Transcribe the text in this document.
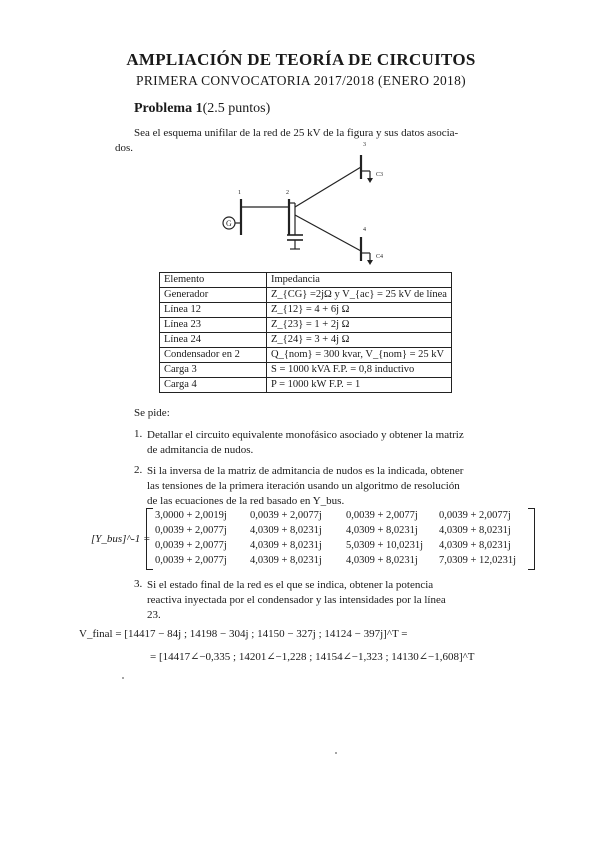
AMPLIACIÓN DE TEORÍA DE CIRCUITOS
PRIMERA CONVOCATORIA 2017/2018 (ENERO 2018)
Problema 1(2.5 puntos)
Sea el esquema unifilar de la red de 25 kV de la figura y sus datos asocia-
dos.
1	2
3
4
G
C3
C4
Elemento	Impedancia
Generador	Z_{CG} =2jΩ y V_{ac} = 25 kV de línea
Línea 12	Z_{12} = 4 + 6j Ω
Línea 23	Z_{23} = 1 + 2j Ω
Línea 24	Z_{24} = 3 + 4j Ω
Condensador en 2	Q_{nom} = 300 kvar, V_{nom} = 25 kV
Carga 3	S = 1000 kVA F.P. = 0,8 inductivo
Carga 4	P = 1000 kW F.P. = 1
Se pide:
1. Detallar el circuito equivalente monofásico asociado y obtener la matriz
de admitancia de nudos.
2. Si la inversa de la matriz de admitancia de nudos es la indicada, obtener
las tensiones de la primera iteración usando un algoritmo de resolución
de las ecuaciones de la red basado en Y_bus.
[Y_bus]^-1 =
3,0000 + 2,0019j 0,0039 + 2,0077j 0,0039 + 2,0077j 0,0039 + 2,0077j
0,0039 + 2,0077j 4,0309 + 8,0231j 4,0309 + 8,0231j 4,0309 + 8,0231j
0,0039 + 2,0077j 4,0309 + 8,0231j 5,0309 + 10,0231j 4,0309 + 8,0231j
0,0039 + 2,0077j 4,0309 + 8,0231j 4,0309 + 8,0231j 7,0309 + 12,0231j
3. Si el estado final de la red es el que se indica, obtener la potencia
reactiva inyectada por el condensador y las intensidades por la línea
23.
V_final = [14417 − 84j ; 14198 − 304j ; 14150 − 327j ; 14124 − 397j]^T =
= [14417∠−0,335 ; 14201∠−1,228 ; 14154∠−1,323 ; 14130∠−1,608]^T
